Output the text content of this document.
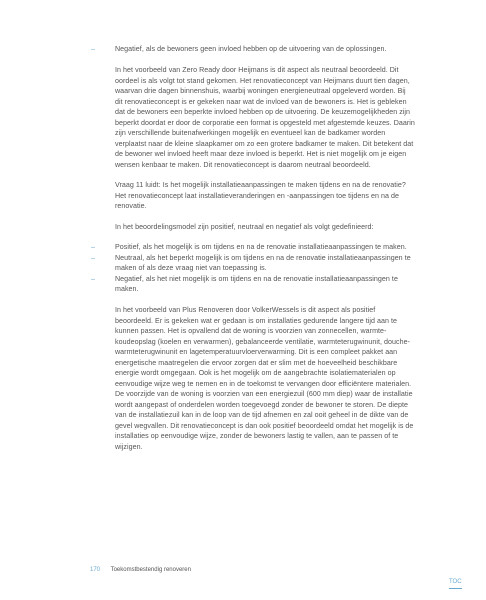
–	Negatief, als de bewoners geen invloed hebben op de uitvoering van de oplossingen.

In het voorbeeld van Zero Ready door Heijmans is dit aspect als neutraal beoordeeld. Dit oordeel is als volgt tot stand gekomen. Het renovatieconcept van Heijmans duurt tien dagen, waarvan drie dagen binnenshuis, waarbij woningen energieneutraal opgeleverd worden. Bij dit renovatieconcept is er gekeken naar wat de invloed van de bewoners is. Het is gebleken dat de bewoners een beperkte invloed hebben op de uitvoering. De keuzemogelijkheden zijn beperkt doordat er door de corporatie een format is opgesteld met afgestemde keuzes. Daarin zijn verschillende buitenafwerkingen mogelijk en eventueel kan de badkamer worden verplaatst naar de kleine slaapkamer om zo een grotere badkamer te maken. Dit betekent dat de bewoner wel invloed heeft maar deze invloed is beperkt. Het is niet mogelijk om je eigen wensen kenbaar te maken. Dit renovatieconcept is daarom neutraal beoordeeld.

Vraag 11 luidt: Is het mogelijk installatieaanpassingen te maken tijdens en na de renovatie? Het renovatieconcept laat installatieveranderingen en -aanpassingen toe tijdens en na de renovatie.

In het beoordelingsmodel zijn positief, neutraal en negatief als volgt gedefinieerd:

–	Positief, als het mogelijk is om tijdens en na de renovatie installatieaanpassingen te maken.
–	Neutraal, als het beperkt mogelijk is om tijdens en na de renovatie installatieaanpassingen te maken of als deze vraag niet van toepassing is.
–	Negatief, als het niet mogelijk is om tijdens en na de renovatie installatieaanpassingen te maken.

In het voorbeeld van Plus Renoveren door VolkerWessels is dit aspect als positief beoordeeld. Er is gekeken wat er gedaan is om installaties gedurende langere tijd aan te kunnen passen. Het is opvallend dat de woning is voorzien van zonnecellen, warmte-koudeopslag (koelen en verwarmen), gebalanceerde ventilatie, warmteterugwinunit, douche-warmteterugwinunit en lagetemperatuurvloerverwarming. Dit is een compleet pakket aan energetische maatregelen die ervoor zorgen dat er slim met de hoeveelheid beschikbare energie wordt omgegaan. Ook is het mogelijk om de aangebrachte isolatiematerialen op eenvoudige wijze weg te nemen en in de toekomst te vervangen door efficiëntere materialen. De voorzijde van de woning is voorzien van een energiezuil (600 mm diep) waar de installatie wordt aangepast of onderdelen worden toegevoegd zonder de bewoner te storen. De diepte van de installatiezuil kan in de loop van de tijd afnemen en zal ooit geheel in de dikte van de gevel wegvallen. Dit renovatieconcept is dan ook positief beoordeeld omdat het mogelijk is de installaties op eenvoudige wijze, zonder de bewoners lastig te vallen, aan te passen of te wijzigen.

170 Toekomstbestendig renoveren
TOC
